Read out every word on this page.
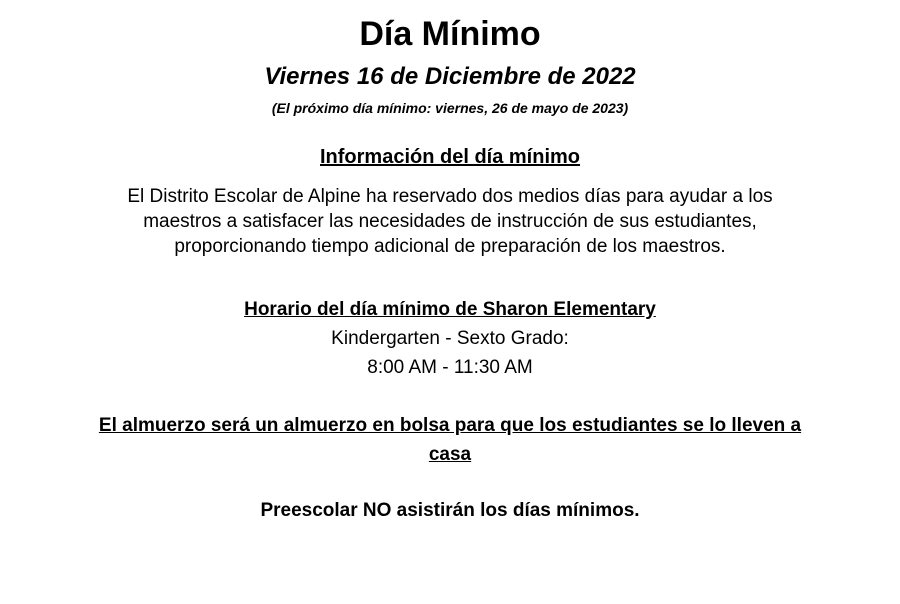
Día Mínimo
Viernes 16 de Diciembre de 2022
(El próximo día mínimo: viernes, 26 de mayo de 2023)
Información del día mínimo
El Distrito Escolar de Alpine ha reservado dos medios días para ayudar a los maestros a satisfacer las necesidades de instrucción de sus estudiantes, proporcionando tiempo adicional de preparación de los maestros.
Horario del día mínimo de Sharon Elementary
Kindergarten - Sexto Grado:
8:00 AM - 11:30 AM
El almuerzo será un almuerzo en bolsa para que los estudiantes se lo lleven a casa
Preescolar NO asistirán los días mínimos.
